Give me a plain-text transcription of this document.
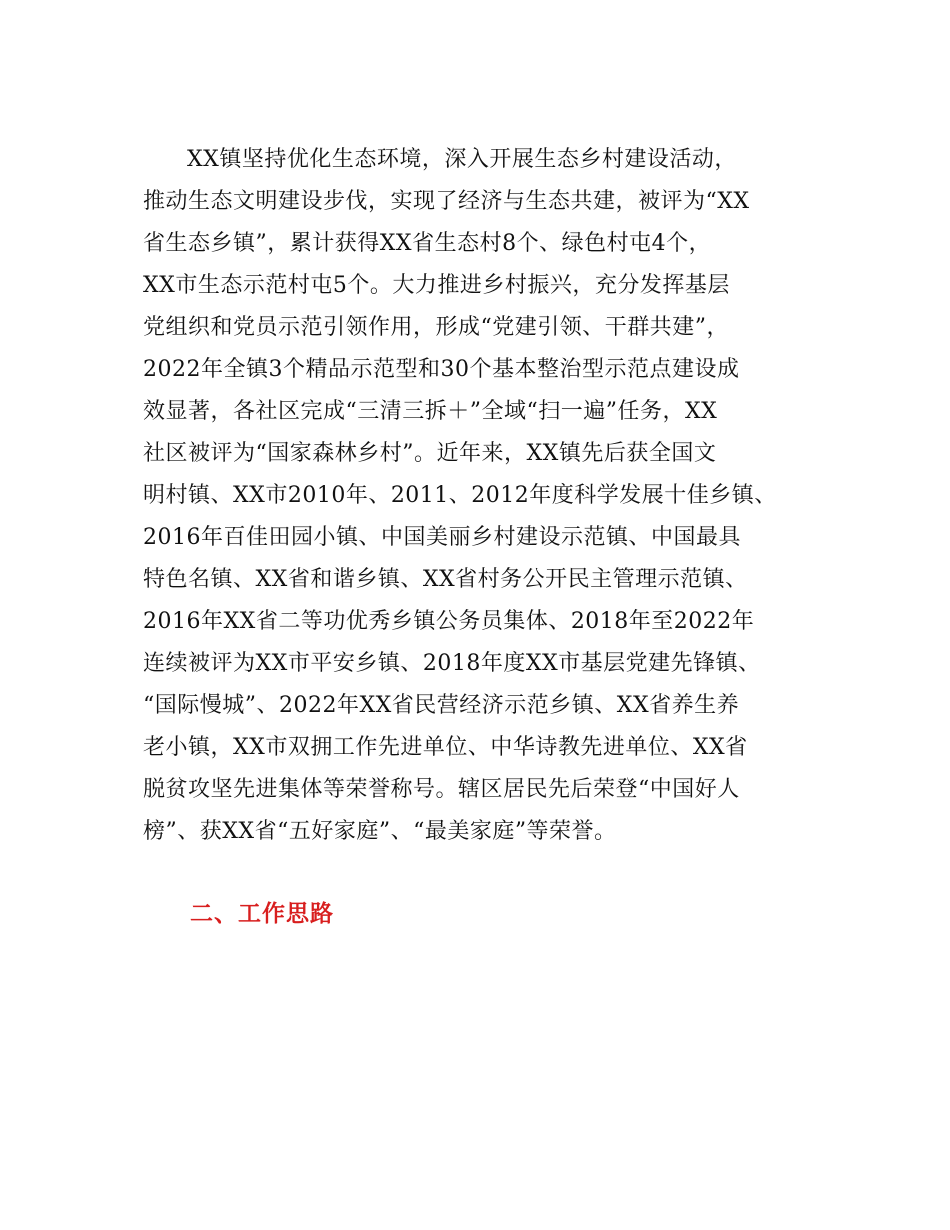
XX镇坚持优化生态环境，深入开展生态乡村建设活动，
推动生态文明建设步伐，实现了经济与生态共建，被评为“XX
省生态乡镇”，累计获得XX省生态村8个、绿色村屯4个，
XX市生态示范村屯5个。大力推进乡村振兴，充分发挥基层
党组织和党员示范引领作用，形成“党建引领、干群共建”，
2022年全镇3个精品示范型和30个基本整治型示范点建设成
效显著，各社区完成“三清三拆＋”全域“扫一遍”任务，XX
社区被评为“国家森林乡村”。近年来，XX镇先后获全国文
明村镇、XX市2010年、2011、2012年度科学发展十佳乡镇、
2016年百佳田园小镇、中国美丽乡村建设示范镇、中国最具
特色名镇、XX省和谐乡镇、XX省村务公开民主管理示范镇、
2016年XX省二等功优秀乡镇公务员集体、2018年至2022年
连续被评为XX市平安乡镇、2018年度XX市基层党建先锋镇、
“国际慢城”、2022年XX省民营经济示范乡镇、XX省养生养
老小镇，XX市双拥工作先进单位、中华诗教先进单位、XX省
脱贫攻坚先进集体等荣誉称号。辖区居民先后荣登“中国好人
榜”、获XX省“五好家庭”、“最美家庭”等荣誉。
二、工作思路
